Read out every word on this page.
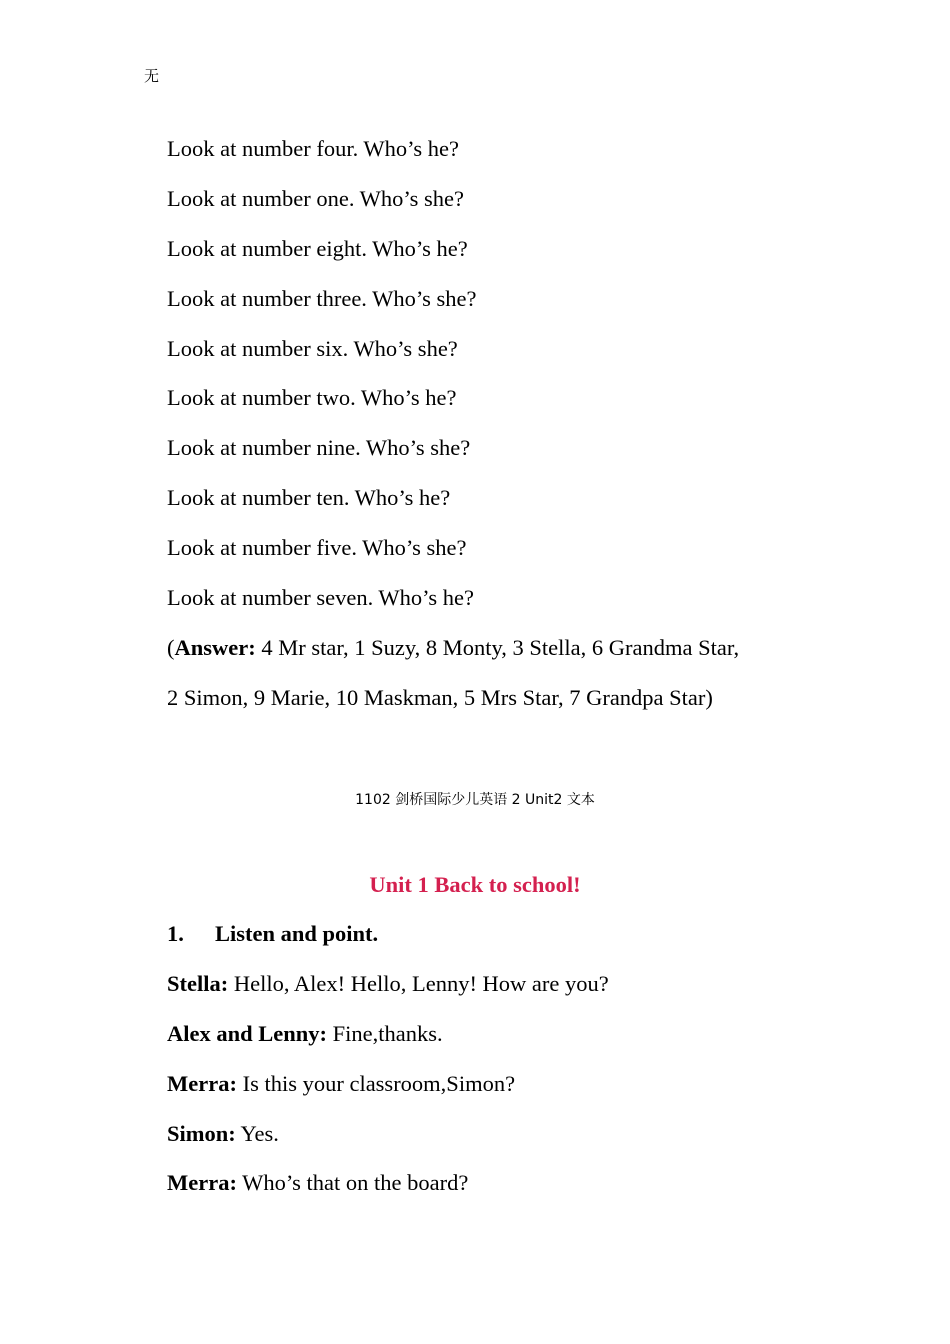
无
Look at number four. Who’s he?
Look at number one. Who’s she?
Look at number eight. Who’s he?
Look at number three. Who’s she?
Look at number six. Who’s she?
Look at number two. Who’s he?
Look at number nine. Who’s she?
Look at number ten. Who’s he?
Look at number five. Who’s she?
Look at number seven. Who’s he?
(Answer: 4 Mr star, 1 Suzy, 8 Monty, 3 Stella, 6 Grandma Star,
2 Simon, 9 Marie, 10 Maskman, 5 Mrs Star, 7 Grandpa Star)
1102 剑桥国际少儿英语 2 Unit2 文本
Unit 1 Back to school!
1. Listen and point.
Stella: Hello, Alex! Hello, Lenny! How are you?
Alex and Lenny: Fine,thanks.
Merra: Is this your classroom,Simon?
Simon: Yes.
Merra: Who’s that on the board?
